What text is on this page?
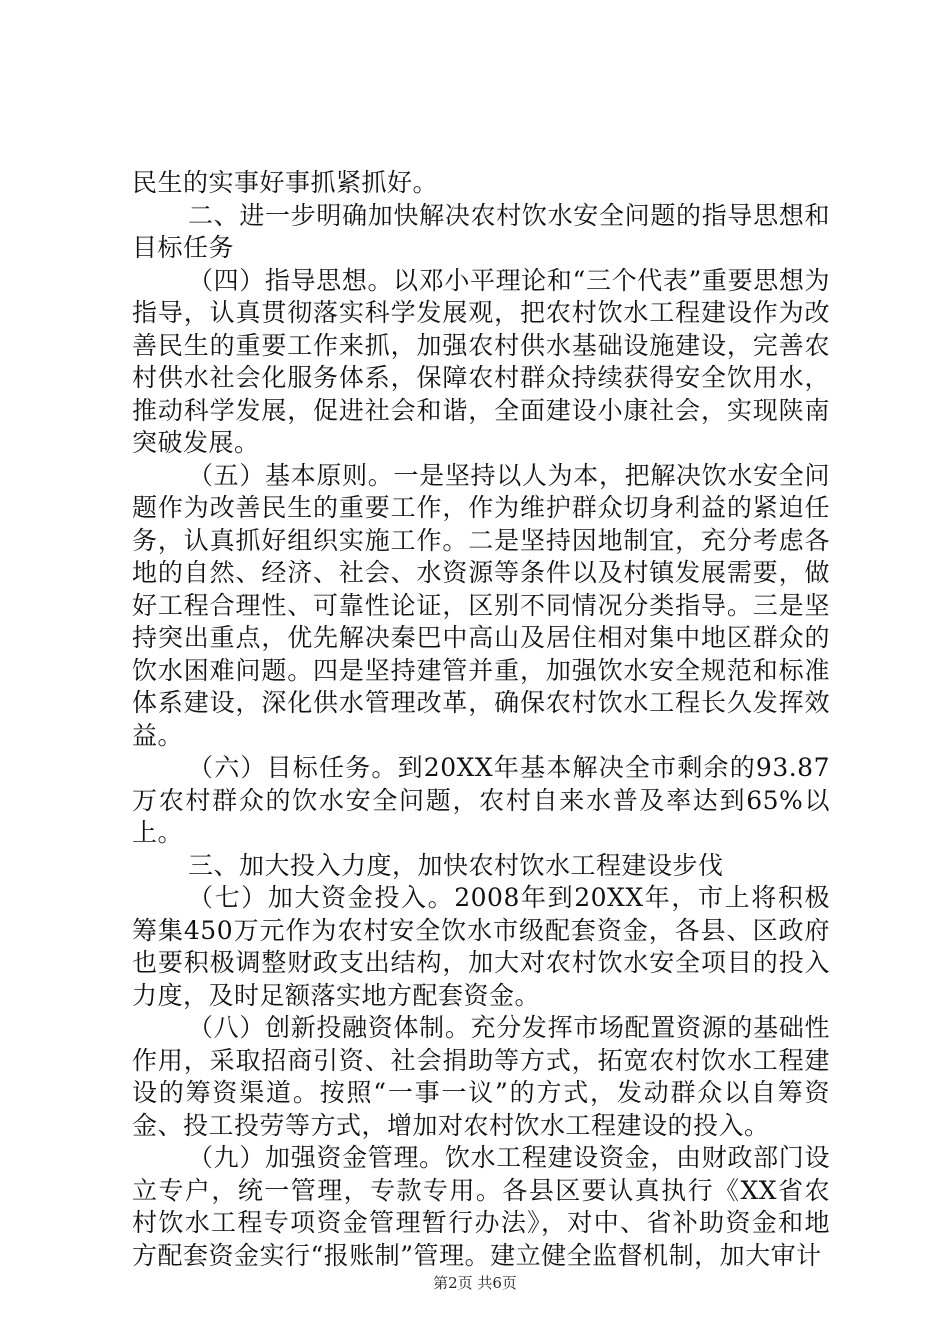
民生的实事好事抓紧抓好。

二、进一步明确加快解决农村饮水安全问题的指导思想和目标任务

（四）指导思想。以邓小平理论和“三个代表”重要思想为指导，认真贯彻落实科学发展观，把农村饮水工程建设作为改善民生的重要工作来抓，加强农村供水基础设施建设，完善农村供水社会化服务体系，保障农村群众持续获得安全饮用水，推动科学发展，促进社会和谐，全面建设小康社会，实现陕南突破发展。

（五）基本原则。一是坚持以人为本，把解决饮水安全问题作为改善民生的重要工作，作为维护群众切身利益的紧迫任务，认真抓好组织实施工作。二是坚持因地制宜，充分考虑各地的自然、经济、社会、水资源等条件以及村镇发展需要，做好工程合理性、可靠性论证，区别不同情况分类指导。三是坚持突出重点，优先解决秦巴中高山及居住相对集中地区群众的饮水困难问题。四是坚持建管并重，加强饮水安全规范和标准体系建设，深化供水管理改革，确保农村饮水工程长久发挥效益。

（六）目标任务。到20XX年基本解决全市剩余的93.87万农村群众的饮水安全问题，农村自来水普及率达到65%以上。

三、加大投入力度，加快农村饮水工程建设步伐

（七）加大资金投入。2008年到20XX年，市上将积极筹集450万元作为农村安全饮水市级配套资金，各县、区政府也要积极调整财政支出结构，加大对农村饮水安全项目的投入力度，及时足额落实地方配套资金。

（八）创新投融资体制。充分发挥市场配置资源的基础性作用，采取招商引资、社会捐助等方式，拓宽农村饮水工程建设的筹资渠道。按照“一事一议”的方式，发动群众以自筹资金、投工投劳等方式，增加对农村饮水工程建设的投入。

（九）加强资金管理。饮水工程建设资金，由财政部门设立专户，统一管理，专款专用。各县区要认真执行《XX省农村饮水工程专项资金管理暂行办法》，对中、省补助资金和地方配套资金实行“报账制”管理。建立健全监督机制，加大审计

第2页 共6页
